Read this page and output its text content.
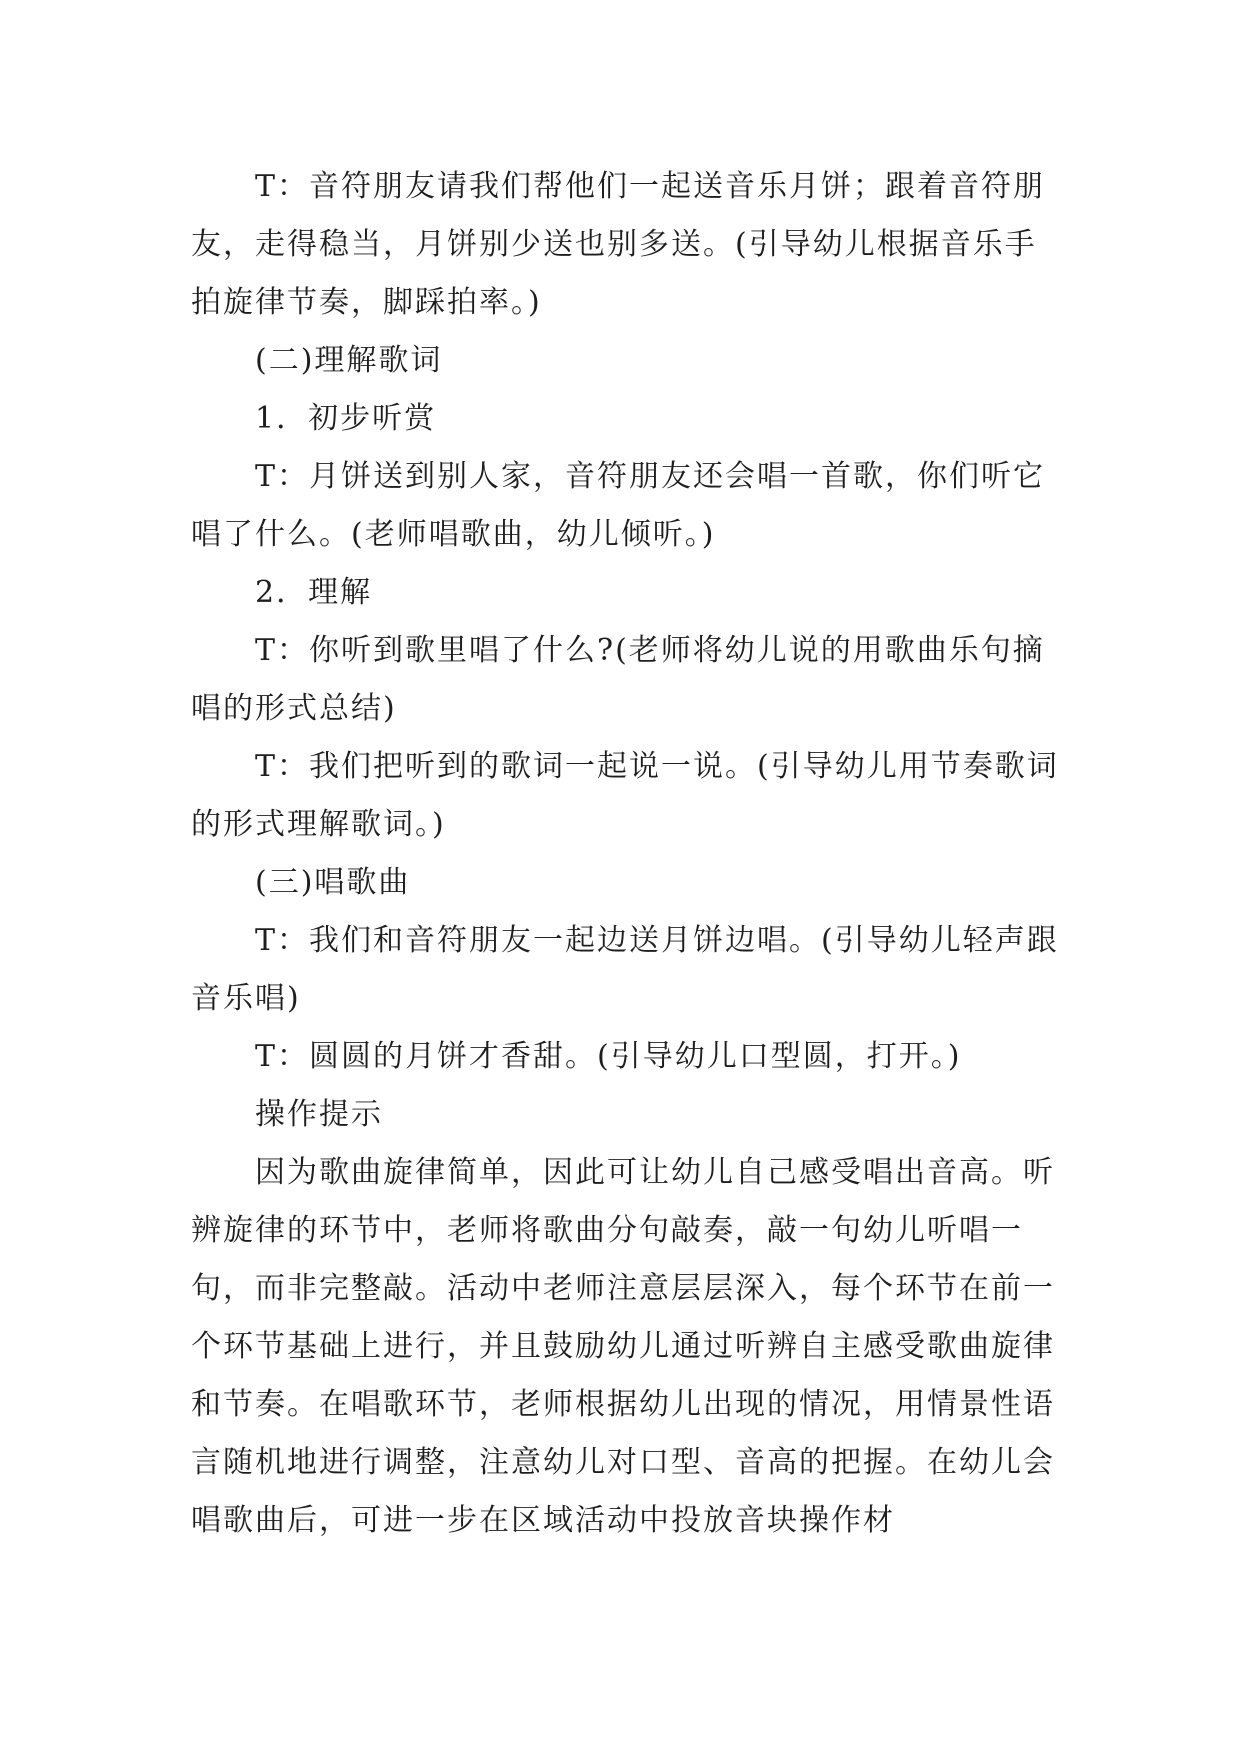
T：音符朋友请我们帮他们一起送音乐月饼；跟着音符朋友，走得稳当，月饼别少送也别多送。(引导幼儿根据音乐手拍旋律节奏，脚踩拍率。)

(二)理解歌词

1．初步听赏

T：月饼送到别人家，音符朋友还会唱一首歌，你们听它唱了什么。(老师唱歌曲，幼儿倾听。)

2．理解

T：你听到歌里唱了什么?(老师将幼儿说的用歌曲乐句摘唱的形式总结)

T：我们把听到的歌词一起说一说。(引导幼儿用节奏歌词的形式理解歌词。)

(三)唱歌曲

T：我们和音符朋友一起边送月饼边唱。(引导幼儿轻声跟音乐唱)

T：圆圆的月饼才香甜。(引导幼儿口型圆，打开。)

操作提示

因为歌曲旋律简单，因此可让幼儿自己感受唱出音高。听辨旋律的环节中，老师将歌曲分句敲奏，敲一句幼儿听唱一句，而非完整敲。活动中老师注意层层深入，每个环节在前一个环节基础上进行，并且鼓励幼儿通过听辨自主感受歌曲旋律和节奏。在唱歌环节，老师根据幼儿出现的情况，用情景性语言随机地进行调整，注意幼儿对口型、音高的把握。在幼儿会唱歌曲后，可进一步在区域活动中投放音块操作材
